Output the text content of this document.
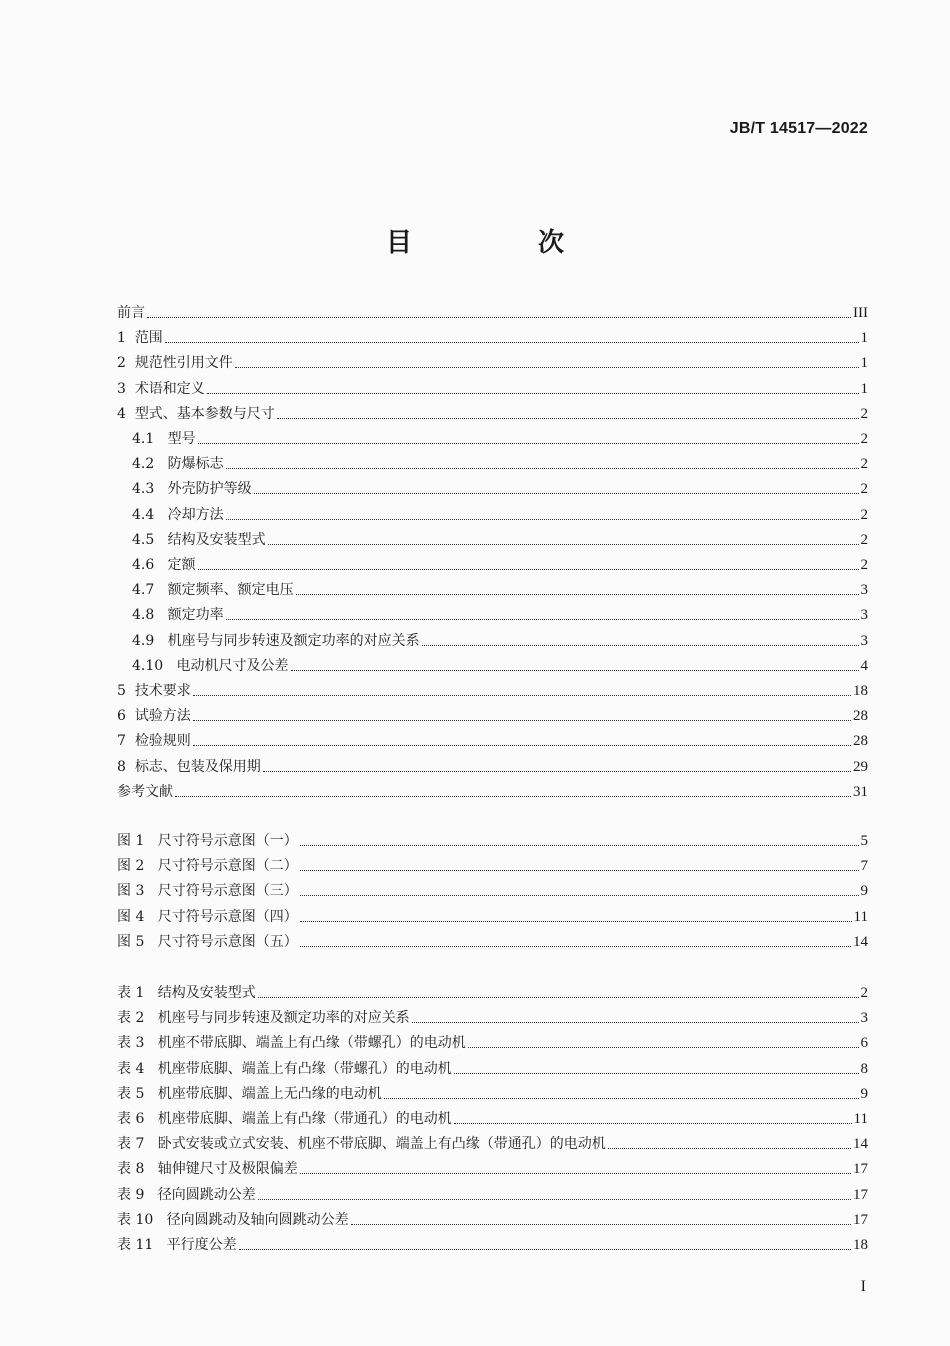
JB/T 14517—2022
目　次
前言	III
1 范围	1
2 规范性引用文件	1
3 术语和定义	1
4 型式、基本参数与尺寸	2
4.1 型号	2
4.2 防爆标志	2
4.3 外壳防护等级	2
4.4 冷却方法	2
4.5 结构及安装型式	2
4.6 定额	2
4.7 额定频率、额定电压	3
4.8 额定功率	3
4.9 机座号与同步转速及额定功率的对应关系	3
4.10 电动机尺寸及公差	4
5 技术要求	18
6 试验方法	28
7 检验规则	28
8 标志、包装及保用期	29
参考文献	31
图 1 尺寸符号示意图（一）	5
图 2 尺寸符号示意图（二）	7
图 3 尺寸符号示意图（三）	9
图 4 尺寸符号示意图（四）	11
图 5 尺寸符号示意图（五）	14
表 1 结构及安装型式	2
表 2 机座号与同步转速及额定功率的对应关系	3
表 3 机座不带底脚、端盖上有凸缘（带螺孔）的电动机	6
表 4 机座带底脚、端盖上有凸缘（带螺孔）的电动机	8
表 5 机座带底脚、端盖上无凸缘的电动机	9
表 6 机座带底脚、端盖上有凸缘（带通孔）的电动机	11
表 7 卧式安装或立式安装、机座不带底脚、端盖上有凸缘（带通孔）的电动机	14
表 8 轴伸键尺寸及极限偏差	17
表 9 径向圆跳动公差	17
表 10 径向圆跳动及轴向圆跳动公差	17
表 11 平行度公差	18
I
